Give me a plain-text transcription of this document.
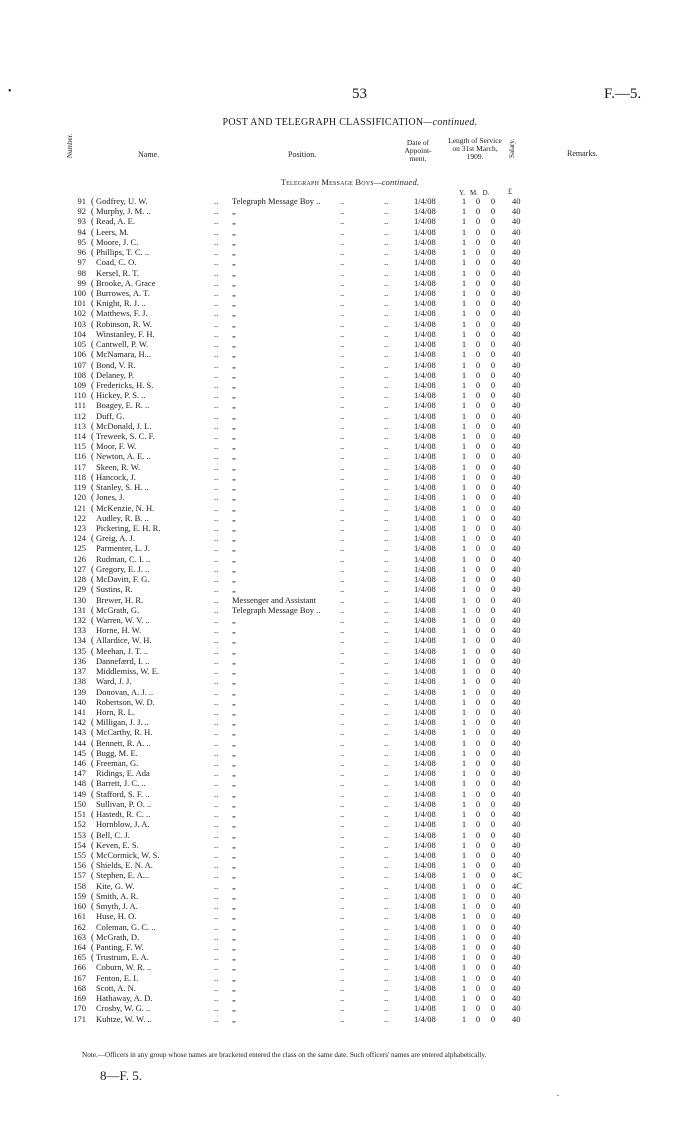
•	53	F.—5.
POST AND TELEGRAPH CLASSIFICATION—continued.
Number.	Name.	Position.
Date of Appoint-ment.
Length of Service on 31st March, 1909.	Salary.	Remarks.
Telegraph Message Boys—continued.
Y. M. D.	£
91 ( Godfrey, U. W.	.. Telegraph Message Boy .. ..	..	1/4/08	1 0 0 40
92 ( Murphy, J. M. ..	.. „	..	..	1/4/08	1 0 0 40
93 ( Read, A. E.	.. „	..	..	1/4/08	1 0 0 40
94 ( Leers, M.	.. „	..	..	1/4/08	1 0 0 40
95 ( Moore, J. C.	.. „	..	..	1/4/08	1 0 0 40
96 ( Phillips, T. C. ..	.. „	..	..	1/4/08	1 0 0 40
97 Coad, C. O.	.. „	..	..	1/4/08	1 0 0 40
98 Kersel, R. T.	.. „	..	..	1/4/08	1 0 0 40
99 ( Brooke, A. Grace	.. „	..	..	1/4/08	1 0 0 40
100 ( Burrowes, A. T.	.. „	..	..	1/4/08	1 0 0 40
101 ( Knight, R. J. ..	.. „	..	..	1/4/08	1 0 0 40
102 ( Matthews, F. J.	.. „	..	..	1/4/08	1 0 0 40
103 ( Robinson, R. W.	.. „	..	..	1/4/08	1 0 0 40
104 Winstanley, F. H.	.. „	..	..	1/4/08	1 0 0 40
105 ( Cantwell, P. W.	.. „	..	..	1/4/08	1 0 0 40
106 ( McNamara, H...	.. „	..	..	1/4/08	1 0 0 40
107 ( Bond, V. R.	.. „	..	..	1/4/08	1 0 0 40
108 ( Delaney, P.	.. „	..	..	1/4/08	1 0 0 40
109 ( Fredericks, H. S.	.. „	..	..	1/4/08	1 0 0 40
110 ( Hickey, P. S. ..	.. „	..	..	1/4/08	1 0 0 40
111 Boagey, E. R. ..	.. „	..	..	1/4/08	1 0 0 40
112 Duff, G.	.. „	..	..	1/4/08	1 0 0 40
113 ( McDonald, J. L.	.. „	..	..	1/4/08	1 0 0 40
114 ( Treweek, S. C. F.	.. „	..	..	1/4/08	1 0 0 40
115 ( Moor, F. W.	.. „	..	..	1/4/08	1 0 0 40
116 ( Newton, A. E. ..	.. „	..	..	1/4/08	1 0 0 40
117 Skeen, R. W.	.. „	..	..	1/4/08	1 0 0 40
118 ( Hancock, J.	.. „	..	..	1/4/08	1 0 0 40
119 ( Stanley, S. H. ..	.. „	..	..	1/4/08	1 0 0 40
120 ( Jones, J.	.. „	..	..	1/4/08	1 0 0 40
121 ( McKenzie, N. H.	.. „	..	..	1/4/08	1 0 0 40
122 Audley, R. B. ..	.. „	..	..	1/4/08	1 0 0 40
123 Pickering, E. H. R.	.. „	..	..	1/4/08	1 0 0 40
124 ( Greig, A. J.	.. „	..	..	1/4/08	1 0 0 40
125 Parmenter, L. J.	.. „	..	..	1/4/08	1 0 0 40
126 Rudman, C. I. ..	.. „	..	..	1/4/08	1 0 0 40
127 ( Gregory, E. J. ..	.. „	..	..	1/4/08	1 0 0 40
128 ( McDavitt, F. G.	.. „	..	..	1/4/08	1 0 0 40
129 ( Sustins, R.	.. „	..	..	1/4/08	1 0 0 40
130 Brewer, H. R.	.. Messenger and Assistant	..	..	1/4/08	1 0 0 40
131 ( McGrath, G.	.. Telegraph Message Boy .. ..	..	1/4/08	1 0 0 40
132 ( Warren, W. V. ..	.. „	..	..	1/4/08	1 0 0 40
133 Horne, H. W.	.. „	..	..	1/4/08	1 0 0 40
134 ( Allardice, W. H.	.. „	..	..	1/4/08	1 0 0 40
135 ( Meehan, J. T. ..	.. „	..	..	1/4/08	1 0 0 40
136 Dannefærd, I. ..	.. „	..	..	1/4/08	1 0 0 40
137 Middlemiss, W. E.	.. „	..	..	1/4/08	1 0 0 40
138 Ward, J. J.	.. „	..	..	1/4/08	1 0 0 40
139 Donovan, A. J. ..	.. „	..	..	1/4/08	1 0 0 40
140 Robertson, W. D.	.. „	..	..	1/4/08	1 0 0 40
141 Horn, R. L.	.. „	..	..	1/4/08	1 0 0 40
142 ( Milligan, J. J. ..	.. „	..	..	1/4/08	1 0 0 40
143 ( McCarthy, R. H.	.. „	..	..	1/4/08	1 0 0 40
144 ( Bennett, R. A. ..	.. „	..	..	1/4/08	1 0 0 40
145 ( Bugg, M. E.	.. „	..	..	1/4/08	1 0 0 40
146 ( Freeman, G.	.. „	..	..	1/4/08	1 0 0 40
147 Ridings, E. Ada	.. „	..	..	1/4/08	1 0 0 40
148 ( Barrett, J. C. ..	.. „	..	..	1/4/08	1 0 0 40
149 ( Stafford, S. F. ..	.. „	..	..	1/4/08	1 0 0 40
150 Sullivan, P. O. ..	.. „	..	..	1/4/08	1 0 0 40
151 ( Hastedt, R. C. ..	.. „	..	..	1/4/08	1 0 0 40
152 Hornblow, J. A.	.. „	..	..	1/4/08	1 0 0 40
153 ( Bell, C. J.	.. „	..	..	1/4/08	1 0 0 40
154 ( Keven, E. S.	.. „	..	..	1/4/08	1 0 0 40
155 ( McCormick, W. S.	.. „	..	..	1/4/08	1 0 0 40
156 ( Shields, E. N. A.	.. „	..	..	1/4/08	1 0 0 40
157 ( Stephen, E. A...	.. „	..	..	1/4/08	1 0 0 4C
158 Kite, G. W.	.. „	..	..	1/4/08	1 0 0 4C
159 ( Smith, A. R.	.. „	..	..	1/4/08	1 0 0 40
160 ( Smyth, J. A.	.. „	..	..	1/4/08	1 0 0 40
161 Huse, H. O.	.. „	..	..	1/4/08	1 0 0 40
162 Coleman, G. C. ..	.. „	..	..	1/4/08	1 0 0 40
163 ( McGrath, D.	.. „	..	..	1/4/08	1 0 0 40
164 ( Panting, F. W.	.. „	..	..	1/4/08	1 0 0 40
165 ( Trustrum, E. A.	.. „	..	..	1/4/08	1 0 0 40
166 Coburn, W. R. ..	.. „	..	..	1/4/08	1 0 0 40
167 Fenton, E. I.	.. „	..	..	1/4/08	1 0 0 40
168 Scott, A. N.	.. „	..	..	1/4/08	1 0 0 40
169 Hathaway, A. D.	.. „	..	..	1/4/08	1 0 0 40
170 Crosby, W. G. ..	.. „	..	..	1/4/08	1 0 0 40
171 Kuhtze, W. W. ..	.. „	..	..	1/4/08	1 0 0 40
Note.—Officers in any group whose names are bracketed entered the class on the same date. Such officers' names are entered alphabetically.
8—F. 5.
